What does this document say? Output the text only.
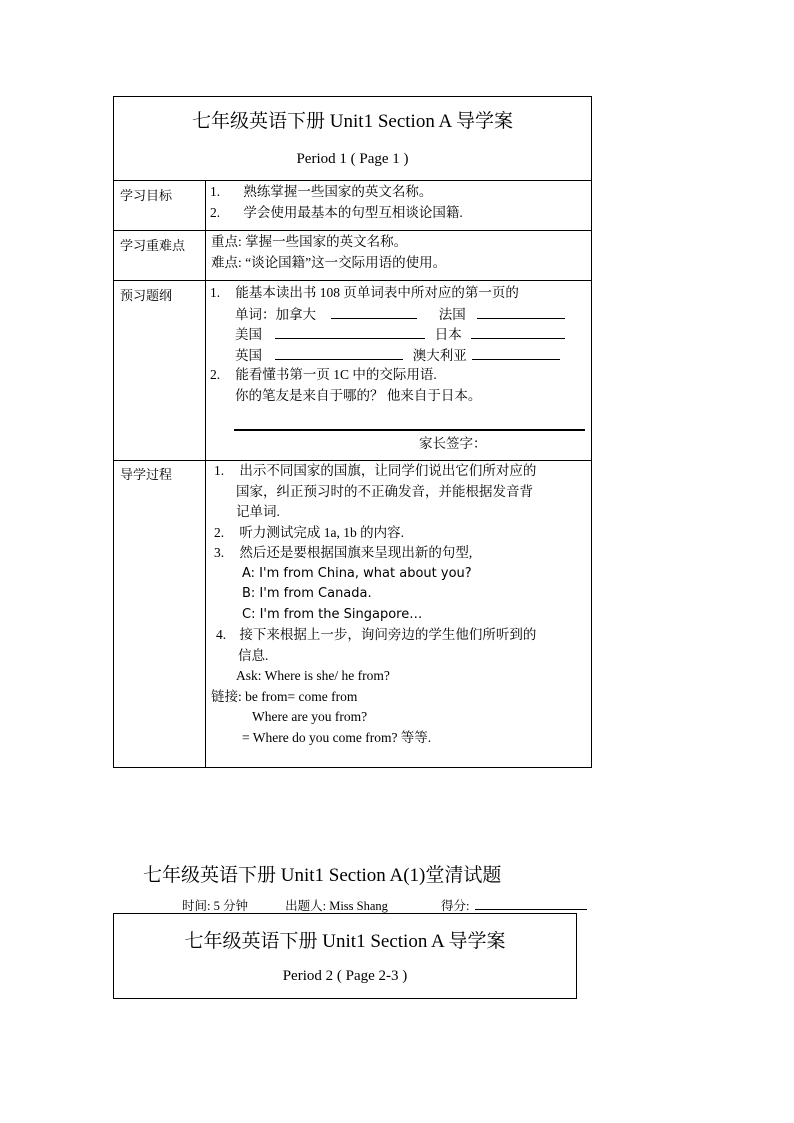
七年级英语下册 Unit1 Section A 导学案
Period 1 ( Page 1 )
学习目标	1. 熟练掌握一些国家的英文名称。
2. 学会使用最基本的句型互相谈论国籍.
学习重难点 重点: 掌握一些国家的英文名称。
难点: “谈论国籍”这一交际用语的使用。
预习题纲	1. 能基本读出书 108 页单词表中所对应的第一页的
单词：加拿大	法国
美国	日本
英国	澳大利亚
2. 能看懂书第一页 1C 中的交际用语.
你的笔友是来自于哪的？ 他来自于日本。
家长签字：
导学过程	1. 出示不同国家的国旗，让同学们说出它们所对应的
国家，纠正预习时的不正确发音，并能根据发音背
记单词.
2. 听力测试完成 1a, 1b 的内容.
3. 然后还是要根据国旗来呈现出新的句型,
A: I'm from China, what about you?
B: I'm from Canada.
C: I'm from the Singapore…
4. 接下来根据上一步，询问旁边的学生他们所听到的
信息.
Ask: Where is she/ he from?
链接: be from= come from
Where are you from?
= Where do you come from? 等等.
七年级英语下册 Unit1 Section A(1)堂清试题
时间: 5 分钟	出题人: Miss Shang	得分:
七年级英语下册 Unit1 Section A 导学案
Period 2 ( Page 2-3 )
